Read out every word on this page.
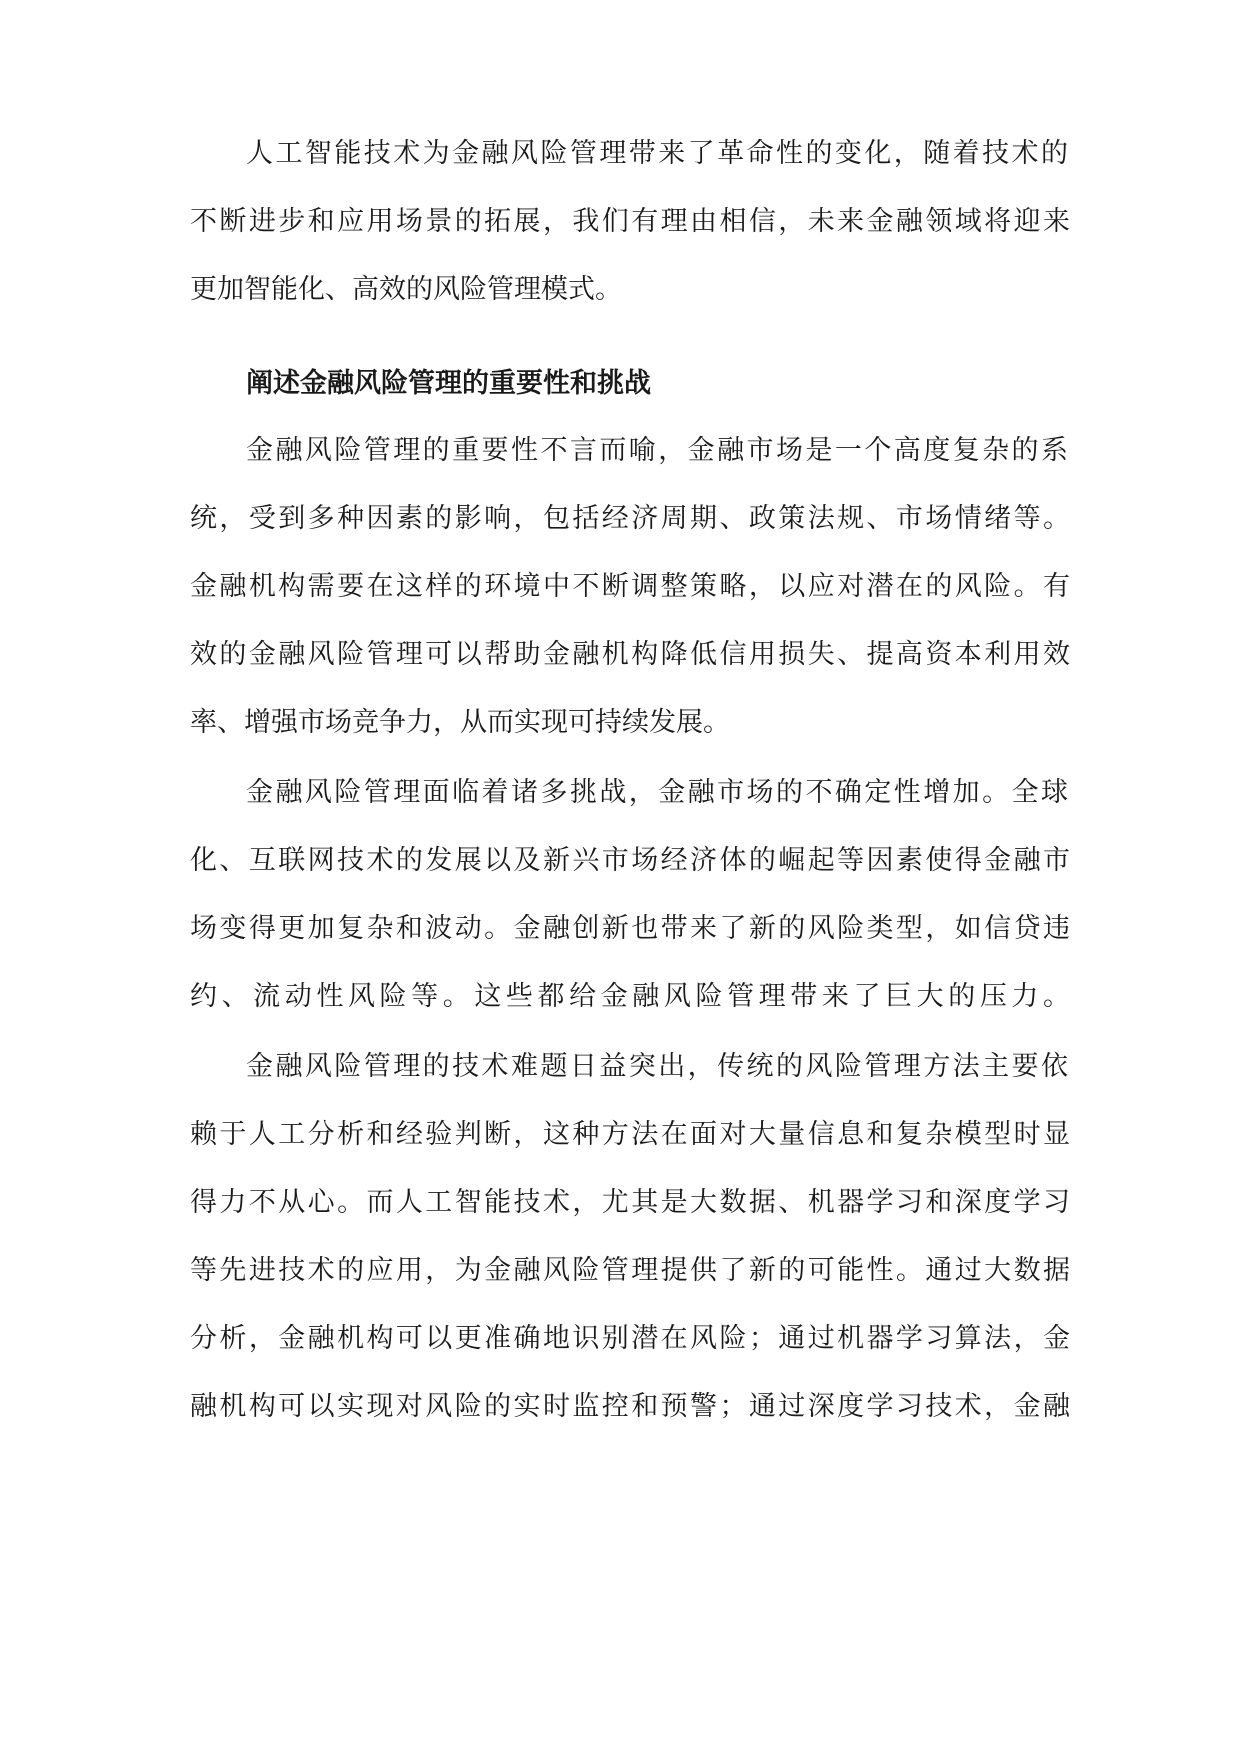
人工智能技术为金融风险管理带来了革命性的变化，随着技术的
不断进步和应用场景的拓展，我们有理由相信，未来金融领域将迎来
更加智能化、高效的风险管理模式。
阐述金融风险管理的重要性和挑战
金融风险管理的重要性不言而喻，金融市场是一个高度复杂的系
统，受到多种因素的影响，包括经济周期、政策法规、市场情绪等。
金融机构需要在这样的环境中不断调整策略，以应对潜在的风险。有
效的金融风险管理可以帮助金融机构降低信用损失、提高资本利用效
率、增强市场竞争力，从而实现可持续发展。
金融风险管理面临着诸多挑战，金融市场的不确定性增加。全球
化、互联网技术的发展以及新兴市场经济体的崛起等因素使得金融市
场变得更加复杂和波动。金融创新也带来了新的风险类型，如信贷违
约、流动性风险等。这些都给金融风险管理带来了巨大的压力。
金融风险管理的技术难题日益突出，传统的风险管理方法主要依
赖于人工分析和经验判断，这种方法在面对大量信息和复杂模型时显
得力不从心。而人工智能技术，尤其是大数据、机器学习和深度学习
等先进技术的应用，为金融风险管理提供了新的可能性。通过大数据
分析，金融机构可以更准确地识别潜在风险；通过机器学习算法，金
融机构可以实现对风险的实时监控和预警；通过深度学习技术，金融
